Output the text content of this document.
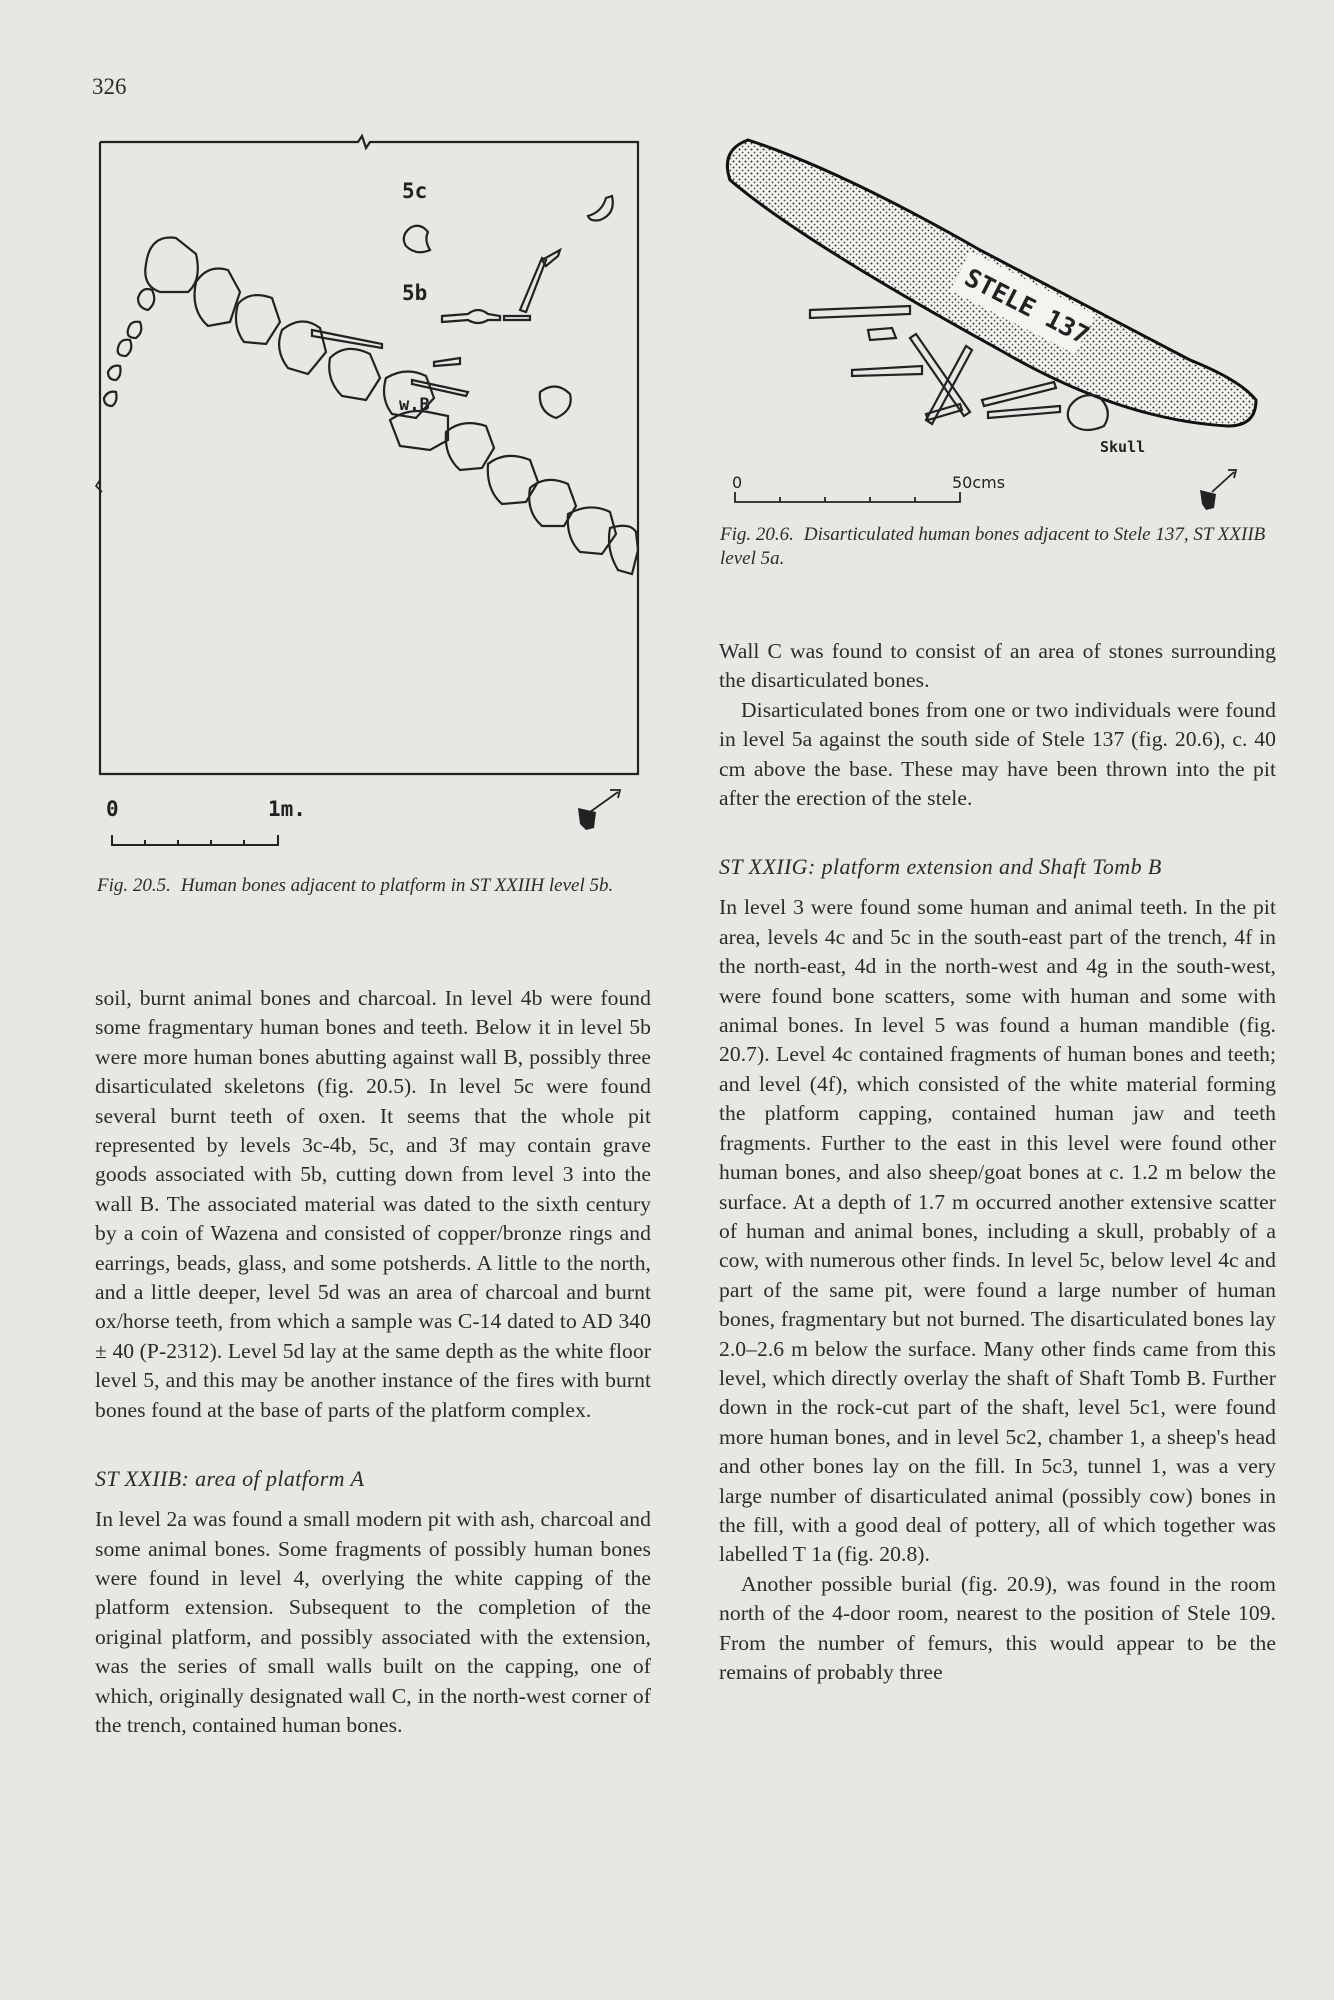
326
5c
5b
w.B
0	1m.
Fig. 20.5. Human bones adjacent to platform in ST XXIIH level 5b.
STELE 137
Skull
0	50cms
Fig. 20.6. Disarticulated human bones adjacent to Stele 137, ST XXIIB level 5a.

soil, burnt animal bones and charcoal. In level 4b were found some fragmentary human bones and teeth. Below it in level 5b were more human bones abutting against wall B, possibly three disarticulated skeletons (fig. 20.5). In level 5c were found several burnt teeth of oxen. It seems that the whole pit represented by levels 3c-4b, 5c, and 3f may contain grave goods associated with 5b, cutting down from level 3 into the wall B. The associated material was dated to the sixth century by a coin of Wazena and consisted of copper/bronze rings and earrings, beads, glass, and some potsherds. A little to the north, and a little deeper, level 5d was an area of charcoal and burnt ox/horse teeth, from which a sample was C-14 dated to AD 340 ± 40 (P-2312). Level 5d lay at the same depth as the white floor level 5, and this may be another instance of the fires with burnt bones found at the base of parts of the platform complex.

ST XXIIB: area of platform A

In level 2a was found a small modern pit with ash, charcoal and some animal bones. Some fragments of possibly human bones were found in level 4, overlying the white capping of the platform extension. Subsequent to the completion of the original platform, and possibly associated with the extension, was the series of small walls built on the capping, one of which, originally designated wall C, in the north-west corner of the trench, contained human bones.

Wall C was found to consist of an area of stones surrounding the disarticulated bones.

Disarticulated bones from one or two individuals were found in level 5a against the south side of Stele 137 (fig. 20.6), c. 40 cm above the base. These may have been thrown into the pit after the erection of the stele.

ST XXIIG: platform extension and Shaft Tomb B

In level 3 were found some human and animal teeth. In the pit area, levels 4c and 5c in the south-east part of the trench, 4f in the north-east, 4d in the north-west and 4g in the south-west, were found bone scatters, some with human and some with animal bones. In level 5 was found a human mandible (fig. 20.7). Level 4c contained fragments of human bones and teeth; and level (4f), which consisted of the white material forming the platform capping, contained human jaw and teeth fragments. Further to the east in this level were found other human bones, and also sheep/goat bones at c. 1.2 m below the surface. At a depth of 1.7 m occurred another extensive scatter of human and animal bones, including a skull, probably of a cow, with numerous other finds. In level 5c, below level 4c and part of the same pit, were found a large number of human bones, fragmentary but not burned. The disarticulated bones lay 2.0–2.6 m below the surface. Many other finds came from this level, which directly overlay the shaft of Shaft Tomb B. Further down in the rock-cut part of the shaft, level 5c1, were found more human bones, and in level 5c2, chamber 1, a sheep's head and other bones lay on the fill. In 5c3, tunnel 1, was a very large number of disarticulated animal (possibly cow) bones in the fill, with a good deal of pottery, all of which together was labelled T 1a (fig. 20.8).

Another possible burial (fig. 20.9), was found in the room north of the 4-door room, nearest to the position of Stele 109. From the number of femurs, this would appear to be the remains of probably three
